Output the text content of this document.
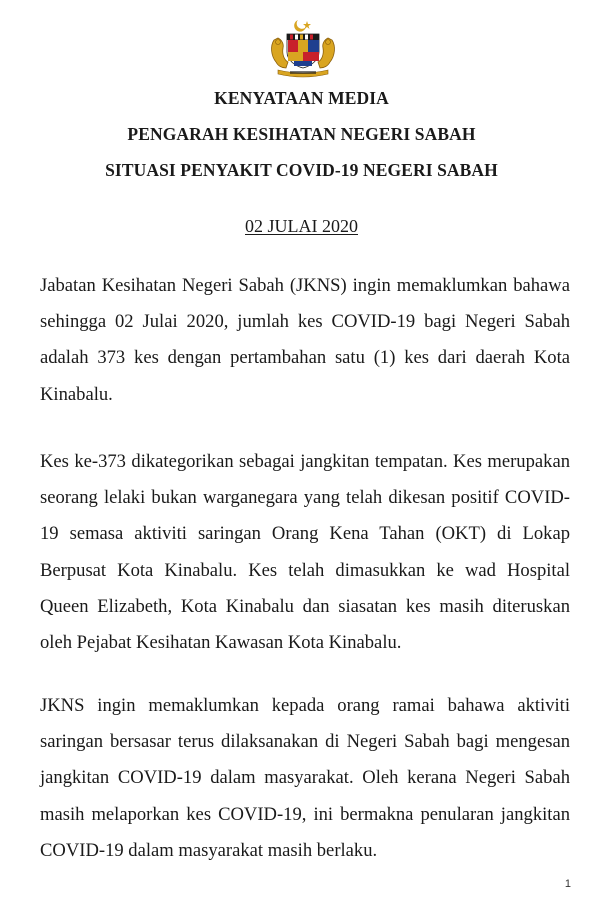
KENYATAAN MEDIA
PENGARAH KESIHATAN NEGERI SABAH
SITUASI PENYAKIT COVID-19 NEGERI SABAH
02 JULAI 2020
Jabatan Kesihatan Negeri Sabah (JKNS) ingin memaklumkan bahawa sehingga 02 Julai 2020, jumlah kes COVID-19 bagi Negeri Sabah adalah 373 kes dengan pertambahan satu (1) kes dari daerah Kota Kinabalu.
Kes ke-373 dikategorikan sebagai jangkitan tempatan. Kes merupakan seorang lelaki bukan warganegara yang telah dikesan positif COVID-19 semasa aktiviti saringan Orang Kena Tahan (OKT) di Lokap Berpusat Kota Kinabalu. Kes telah dimasukkan ke wad Hospital Queen Elizabeth, Kota Kinabalu dan siasatan kes masih diteruskan oleh Pejabat Kesihatan Kawasan Kota Kinabalu.
JKNS ingin memaklumkan kepada orang ramai bahawa aktiviti saringan bersasar terus dilaksanakan di Negeri Sabah bagi mengesan jangkitan COVID-19 dalam masyarakat. Oleh kerana Negeri Sabah masih melaporkan kes COVID-19, ini bermakna penularan jangkitan COVID-19 dalam masyarakat masih berlaku.
1
